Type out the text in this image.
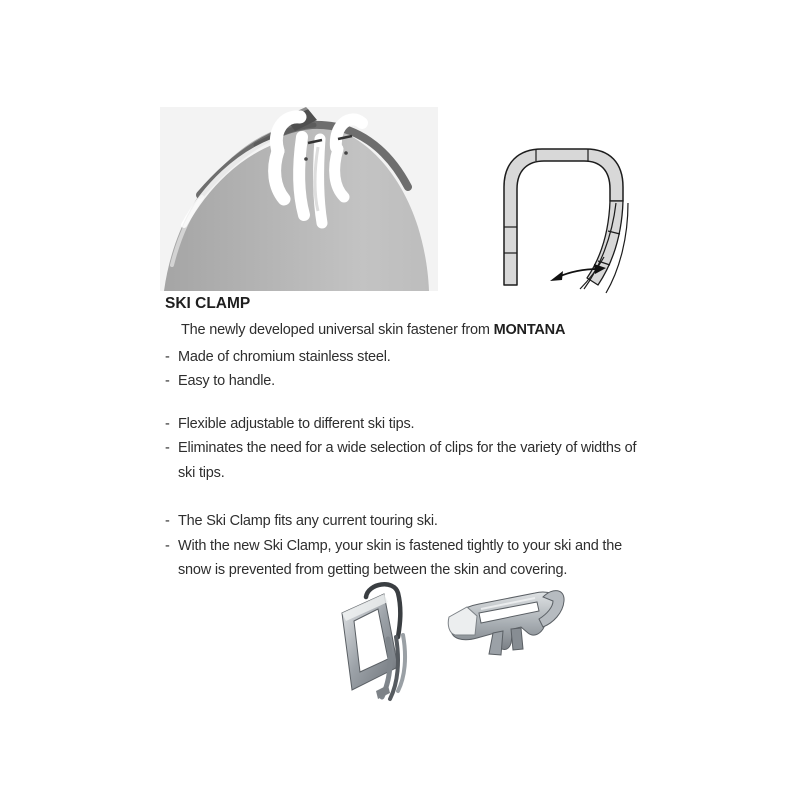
SKI CLAMP

The newly developed universal skin fastener from MONTANA

- Made of chromium stainless steel.
- Easy to handle.
- Flexible adjustable to different ski tips.
- Eliminates the need for a wide selection of clips for the variety of widths of ski tips.
- The Ski Clamp fits any current touring ski.
- With the new Ski Clamp, your skin is fastened tightly to your ski and the snow is prevented from getting between the skin and covering.
